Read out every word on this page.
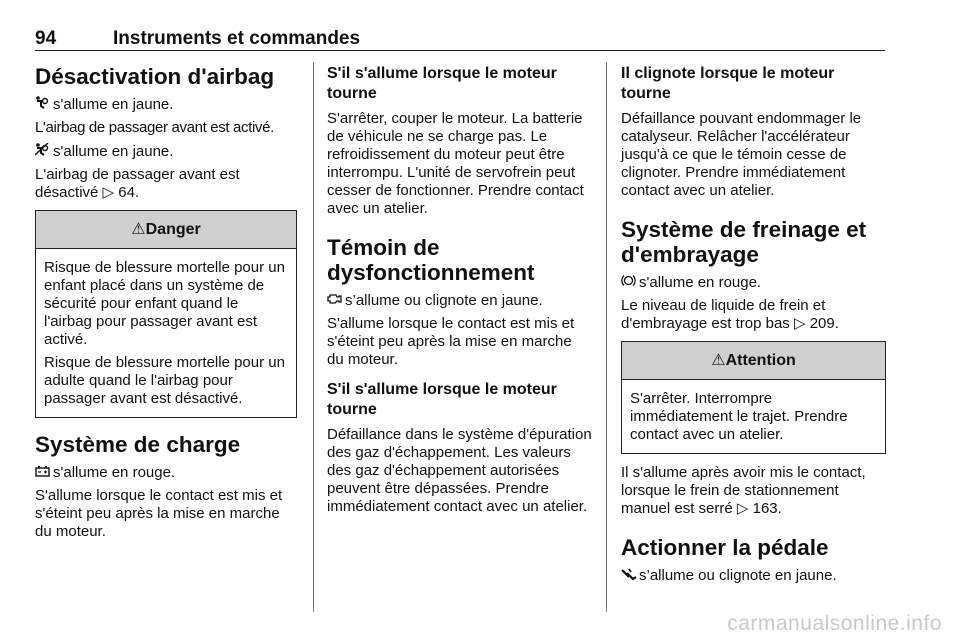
94	Instruments et commandes
Désactivation d'airbag

s'allume en jaune.

L'airbag de passager avant est activé.

s'allume en jaune.

L'airbag de passager avant est désactivé ▷ 64.

⚠Danger

Risque de blessure mortelle pour un enfant placé dans un système de sécurité pour enfant quand le l'airbag pour passager avant est activé.

Risque de blessure mortelle pour un adulte quand le l'airbag pour passager avant est désactivé.

Système de charge

s'allume en rouge.

S'allume lorsque le contact est mis et s'éteint peu après la mise en marche du moteur.

S'il s'allume lorsque le moteur tourne

S'arrêter, couper le moteur. La batterie de véhicule ne se charge pas. Le refroidissement du moteur peut être interrompu. L'unité de servofrein peut cesser de fonctionner. Prendre contact avec un atelier.

Témoin de dysfonctionnement

s’allume ou clignote en jaune.

S'allume lorsque le contact est mis et s'éteint peu après la mise en marche du moteur.

S'il s'allume lorsque le moteur tourne

Défaillance dans le système d'épuration des gaz d'échappement. Les valeurs des gaz d'échappement autorisées peuvent être dépassées. Prendre immédiatement contact avec un atelier.

Il clignote lorsque le moteur tourne

Défaillance pouvant endommager le catalyseur. Relâcher l'accélérateur jusqu'à ce que le témoin cesse de clignoter. Prendre immédiatement contact avec un atelier.

Système de freinage et d'embrayage

s'allume en rouge.

Le niveau de liquide de frein et d'embrayage est trop bas ▷ 209.

⚠Attention

S'arrêter. Interrompre immédiatement le trajet. Prendre contact avec un atelier.

Il s'allume après avoir mis le contact, lorsque le frein de stationnement manuel est serré ▷ 163.

Actionner la pédale

s’allume ou clignote en jaune.

carmanualsonline.info
